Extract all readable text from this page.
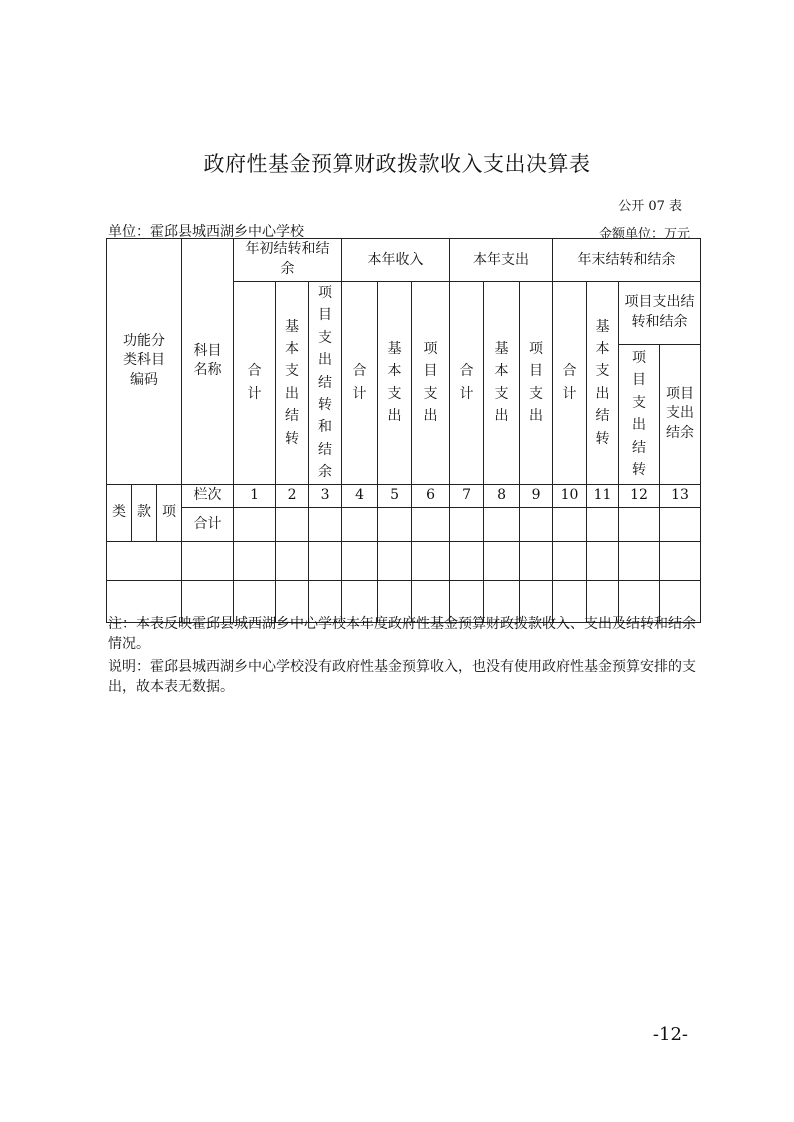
政府性基金预算财政拨款收入支出决算表
公开 07 表
单位：霍邱县城西湖乡中心学校	金额单位：万元
功能分类科目编码			科目名称	年初结转和结余			本年收入			本年支出			年末结转和结余			
				合计	基本支出结转	项目支出结转和结余	合计	基本支出	项目支出	合计	基本支出	项目支出	合计	基本支出结转	项目支出结转和结余	
															项目支出结转	项目支出结余
类	款	项	栏次	1	2	3	4	5	6	7	8	9	10	11	12	13
			合计													

注：本表反映霍邱县城西湖乡中心学校本年度政府性基金预算财政拨款收入、支出及结转和结余情况。

说明：霍邱县城西湖乡中心学校没有政府性基金预算收入，也没有使用政府性基金预算安排的支出，故本表无数据。

-12-
